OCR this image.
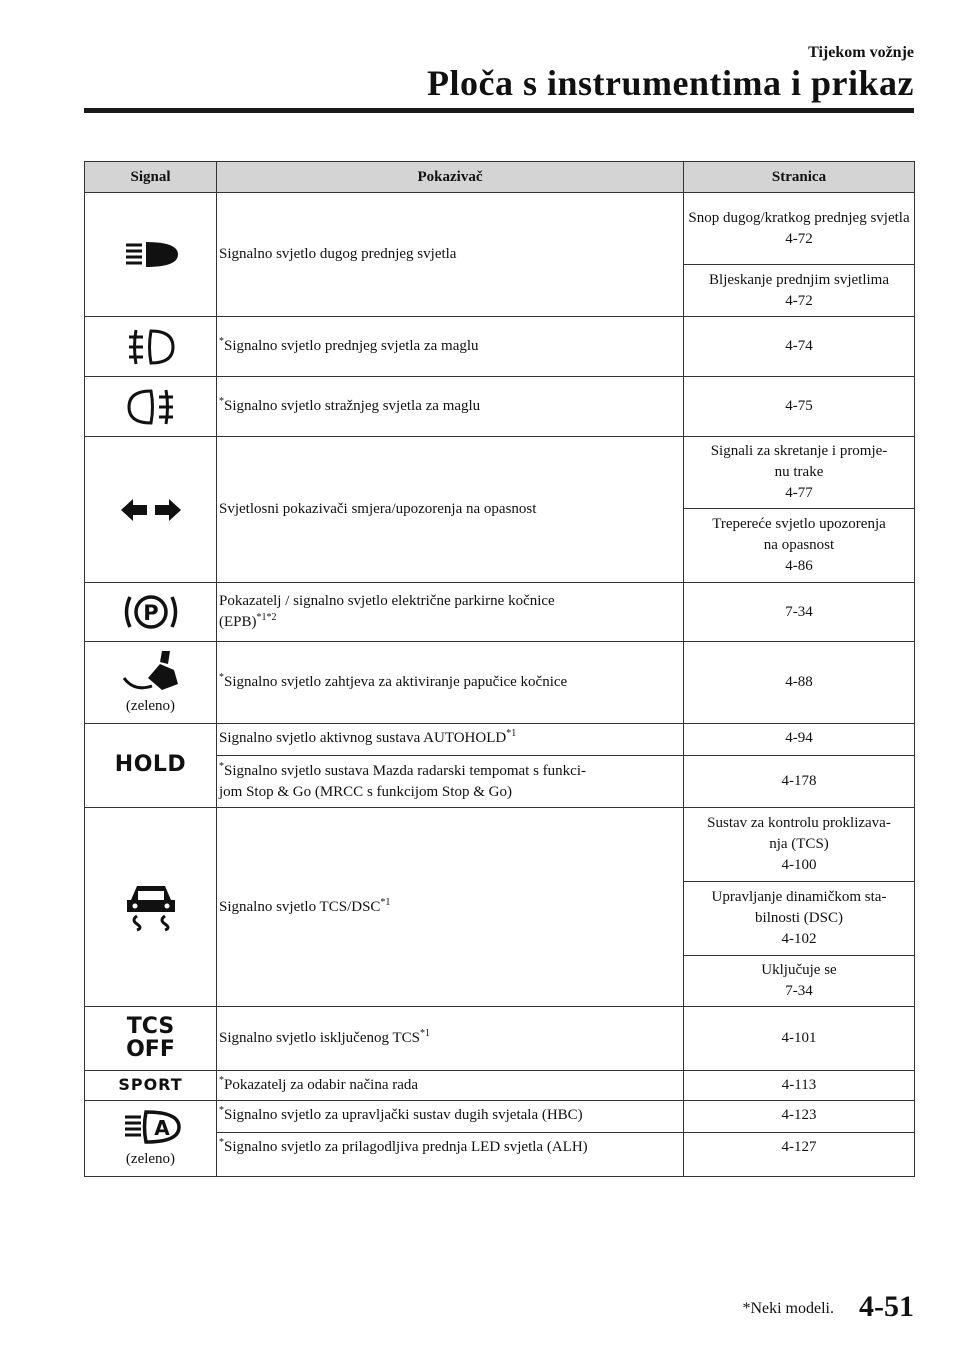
Tijekom vožnje
Ploča s instrumentima i prikaz
Signal	Pokazivač	Stranica
	Signalno svjetlo dugog prednjeg svjetla	Snop dugog/kratkog prednjeg svjetla
4-72
		Bljeskanje prednjim svjetlima
4-72
	*Signalno svjetlo prednjeg svjetla za maglu	4-74
	*Signalno svjetlo stražnjeg svjetla za maglu	4-75
	Svjetlosni pokazivači smjera/upozorenja na opasnost	Signali za skretanje i promje-
nu trake
4-77
		Trepereće svjetlo upozorenja
na opasnost
4-86

P	Pokazatelj / signalno svjetlo električne parkirne kočnice
(EPB)$^{*1*2}$	7-34

(zeleno)	*Signalno svjetlo zahtjeva za aktiviranje papučice kočnice	4-88
HOLD	Signalno svjetlo aktivnog sustava AUTOHOLD$^{*1}$	4-94
	*Signalno svjetlo sustava Mazda radarski tempomat s funkci-
jom Stop & Go (MRCC s funkcijom Stop & Go)	4-178
	Signalno svjetlo TCS/DSC$^{*1}$	Sustav za kontrolu proklizava-
nja (TCS)
4-100
		Upravljanje dinamičkom sta-
bilnosti (DSC)
4-102
		Uključuje se
7-34

TCS
OFF	Signalno svjetlo isključenog TCS$^{*1}$	4-101
SPORT	*Pokazatelj za odabir načina rada	4-113

A
(zeleno)	*Signalno svjetlo za upravljački sustav dugih svjetala (HBC)	4-123
	*Signalno svjetlo za prilagodljiva prednja LED svjetla (ALH)	4-127
*Neki modeli. 4-51
